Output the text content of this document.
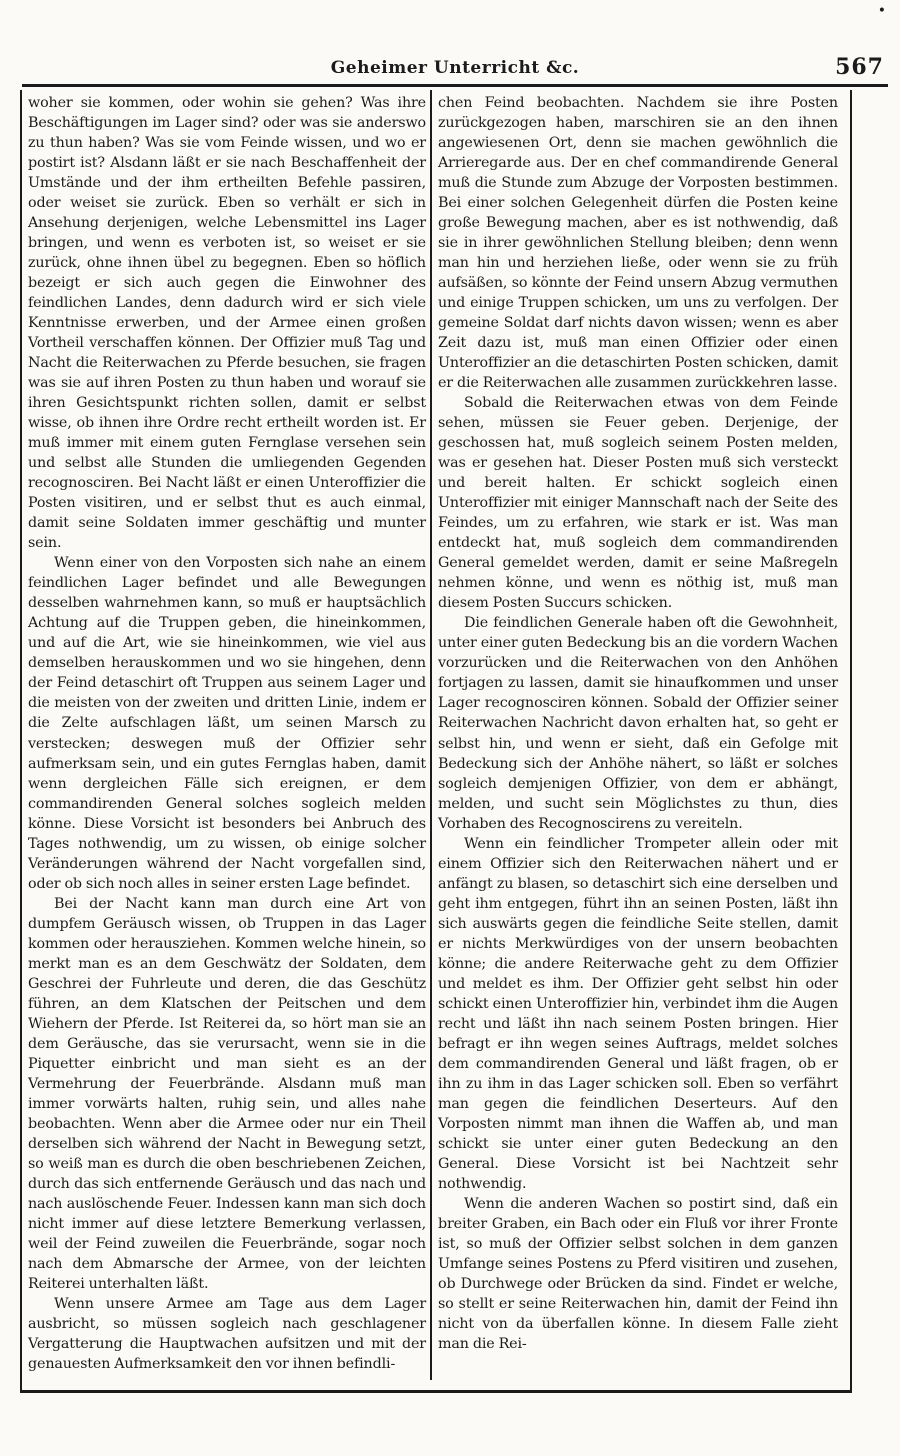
•
Geheimer Unterricht &c.	567

woher sie kommen, oder wohin sie gehen? Was ihre Beschäftigungen im Lager sind? oder was sie anderswo zu thun haben? Was sie vom Feinde wissen, und wo er postirt ist? Alsdann läßt er sie nach Beschaffenheit der Umstände und der ihm ertheilten Befehle passiren, oder weiset sie zurück. Eben so verhält er sich in Ansehung derjenigen, welche Lebensmittel ins Lager bringen, und wenn es verboten ist, so weiset er sie zurück, ohne ihnen übel zu begegnen. Eben so höflich bezeigt er sich auch gegen die Einwohner des feindlichen Landes, denn dadurch wird er sich viele Kenntnisse erwerben, und der Armee einen großen Vortheil verschaffen können. Der Offizier muß Tag und Nacht die Reiterwachen zu Pferde besuchen, sie fragen was sie auf ihren Posten zu thun haben und worauf sie ihren Gesichtspunkt richten sollen, damit er selbst wisse, ob ihnen ihre Ordre recht ertheilt worden ist. Er muß immer mit einem guten Fernglase versehen sein und selbst alle Stunden die umliegenden Gegenden recognosciren. Bei Nacht läßt er einen Unteroffizier die Posten visitiren, und er selbst thut es auch einmal, damit seine Soldaten immer geschäftig und munter sein.

Wenn einer von den Vorposten sich nahe an einem feindlichen Lager befindet und alle Bewegungen desselben wahrnehmen kann, so muß er hauptsächlich Achtung auf die Truppen geben, die hineinkommen, und auf die Art, wie sie hineinkommen, wie viel aus demselben herauskommen und wo sie hingehen, denn der Feind detaschirt oft Truppen aus seinem Lager und die meisten von der zweiten und dritten Linie, indem er die Zelte aufschlagen läßt, um seinen Marsch zu verstecken; deswegen muß der Offizier sehr aufmerksam sein, und ein gutes Fernglas haben, damit wenn dergleichen Fälle sich ereignen, er dem commandirenden General solches sogleich melden könne. Diese Vorsicht ist besonders bei Anbruch des Tages nothwendig, um zu wissen, ob einige solcher Veränderungen während der Nacht vorgefallen sind, oder ob sich noch alles in seiner ersten Lage befindet.

Bei der Nacht kann man durch eine Art von dumpfem Geräusch wissen, ob Truppen in das Lager kommen oder herausziehen. Kommen welche hinein, so merkt man es an dem Geschwätz der Soldaten, dem Geschrei der Fuhrleute und deren, die das Geschütz führen, an dem Klatschen der Peitschen und dem Wiehern der Pferde. Ist Reiterei da, so hört man sie an dem Geräusche, das sie verursacht, wenn sie in die Piquetter einbricht und man sieht es an der Vermehrung der Feuerbrände. Alsdann muß man immer vorwärts halten, ruhig sein, und alles nahe beobachten. Wenn aber die Armee oder nur ein Theil derselben sich während der Nacht in Bewegung setzt, so weiß man es durch die oben beschriebenen Zeichen, durch das sich entfernende Geräusch und das nach und nach auslöschende Feuer. Indessen kann man sich doch nicht immer auf diese letztere Bemerkung verlassen, weil der Feind zuweilen die Feuerbrände, sogar noch nach dem Abmarsche der Armee, von der leichten Reiterei unterhalten läßt.

Wenn unsere Armee am Tage aus dem Lager ausbricht, so müssen sogleich nach geschlagener Vergatterung die Hauptwachen aufsitzen und mit der genauesten Aufmerksamkeit den vor ihnen befindli-

chen Feind beobachten. Nachdem sie ihre Posten zurückgezogen haben, marschiren sie an den ihnen angewiesenen Ort, denn sie machen gewöhnlich die Arrieregarde aus. Der en chef commandirende General muß die Stunde zum Abzuge der Vorposten bestimmen. Bei einer solchen Gelegenheit dürfen die Posten keine große Bewegung machen, aber es ist nothwendig, daß sie in ihrer gewöhnlichen Stellung bleiben; denn wenn man hin und herziehen ließe, oder wenn sie zu früh aufsäßen, so könnte der Feind unsern Abzug vermuthen und einige Truppen schicken, um uns zu verfolgen. Der gemeine Soldat darf nichts davon wissen; wenn es aber Zeit dazu ist, muß man einen Offizier oder einen Unteroffizier an die detaschirten Posten schicken, damit er die Reiterwachen alle zusammen zurückkehren lasse.

Sobald die Reiterwachen etwas von dem Feinde sehen, müssen sie Feuer geben. Derjenige, der geschossen hat, muß sogleich seinem Posten melden, was er gesehen hat. Dieser Posten muß sich versteckt und bereit halten. Er schickt sogleich einen Unteroffizier mit einiger Mannschaft nach der Seite des Feindes, um zu erfahren, wie stark er ist. Was man entdeckt hat, muß sogleich dem commandirenden General gemeldet werden, damit er seine Maßregeln nehmen könne, und wenn es nöthig ist, muß man diesem Posten Succurs schicken.

Die feindlichen Generale haben oft die Gewohnheit, unter einer guten Bedeckung bis an die vordern Wachen vorzurücken und die Reiterwachen von den Anhöhen fortjagen zu lassen, damit sie hinaufkommen und unser Lager recognosciren können. Sobald der Offizier seiner Reiterwachen Nachricht davon erhalten hat, so geht er selbst hin, und wenn er sieht, daß ein Gefolge mit Bedeckung sich der Anhöhe nähert, so läßt er solches sogleich demjenigen Offizier, von dem er abhängt, melden, und sucht sein Möglichstes zu thun, dies Vorhaben des Recognoscirens zu vereiteln.

Wenn ein feindlicher Trompeter allein oder mit einem Offizier sich den Reiterwachen nähert und er anfängt zu blasen, so detaschirt sich eine derselben und geht ihm entgegen, führt ihn an seinen Posten, läßt ihn sich auswärts gegen die feindliche Seite stellen, damit er nichts Merkwürdiges von der unsern beobachten könne; die andere Reiterwache geht zu dem Offizier und meldet es ihm. Der Offizier geht selbst hin oder schickt einen Unteroffizier hin, verbindet ihm die Augen recht und läßt ihn nach seinem Posten bringen. Hier befragt er ihn wegen seines Auftrags, meldet solches dem commandirenden General und läßt fragen, ob er ihn zu ihm in das Lager schicken soll. Eben so verfährt man gegen die feindlichen Deserteurs. Auf den Vorposten nimmt man ihnen die Waffen ab, und man schickt sie unter einer guten Bedeckung an den General. Diese Vorsicht ist bei Nachtzeit sehr nothwendig.

Wenn die anderen Wachen so postirt sind, daß ein breiter Graben, ein Bach oder ein Fluß vor ihrer Fronte ist, so muß der Offizier selbst solchen in dem ganzen Umfange seines Postens zu Pferd visitiren und zusehen, ob Durchwege oder Brücken da sind. Findet er welche, so stellt er seine Reiterwachen hin, damit der Feind ihn nicht von da überfallen könne. In diesem Falle zieht man die Rei-
